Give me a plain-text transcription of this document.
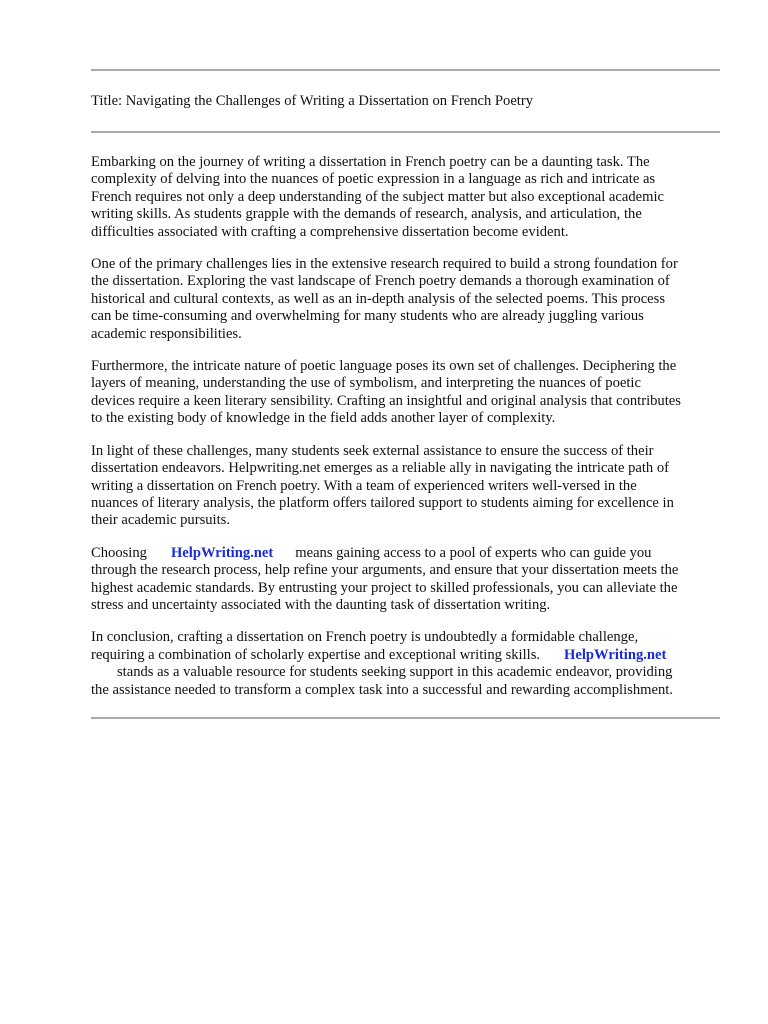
Title: Navigating the Challenges of Writing a Dissertation on French Poetry

Embarking on the journey of writing a dissertation in French poetry can be a daunting task. The
complexity of delving into the nuances of poetic expression in a language as rich and intricate as
French requires not only a deep understanding of the subject matter but also exceptional academic
writing skills. As students grapple with the demands of research, analysis, and articulation, the
difficulties associated with crafting a comprehensive dissertation become evident.

One of the primary challenges lies in the extensive research required to build a strong foundation for
the dissertation. Exploring the vast landscape of French poetry demands a thorough examination of
historical and cultural contexts, as well as an in-depth analysis of the selected poems. This process
can be time-consuming and overwhelming for many students who are already juggling various
academic responsibilities.

Furthermore, the intricate nature of poetic language poses its own set of challenges. Deciphering the
layers of meaning, understanding the use of symbolism, and interpreting the nuances of poetic
devices require a keen literary sensibility. Crafting an insightful and original analysis that contributes
to the existing body of knowledge in the field adds another layer of complexity.

In light of these challenges, many students seek external assistance to ensure the success of their
dissertation endeavors. Helpwriting.net emerges as a reliable ally in navigating the intricate path of
writing a dissertation on French poetry. With a team of experienced writers well-versed in the
nuances of literary analysis, the platform offers tailored support to students aiming for excellence in
their academic pursuits.

Choosing HelpWriting.net means gaining access to a pool of experts who can guide you
through the research process, help refine your arguments, and ensure that your dissertation meets the
highest academic standards. By entrusting your project to skilled professionals, you can alleviate the
stress and uncertainty associated with the daunting task of dissertation writing.

In conclusion, crafting a dissertation on French poetry is undoubtedly a formidable challenge,
requiring a combination of scholarly expertise and exceptional writing skills. HelpWriting.net
stands as a valuable resource for students seeking support in this academic endeavor, providing
the assistance needed to transform a complex task into a successful and rewarding accomplishment.
